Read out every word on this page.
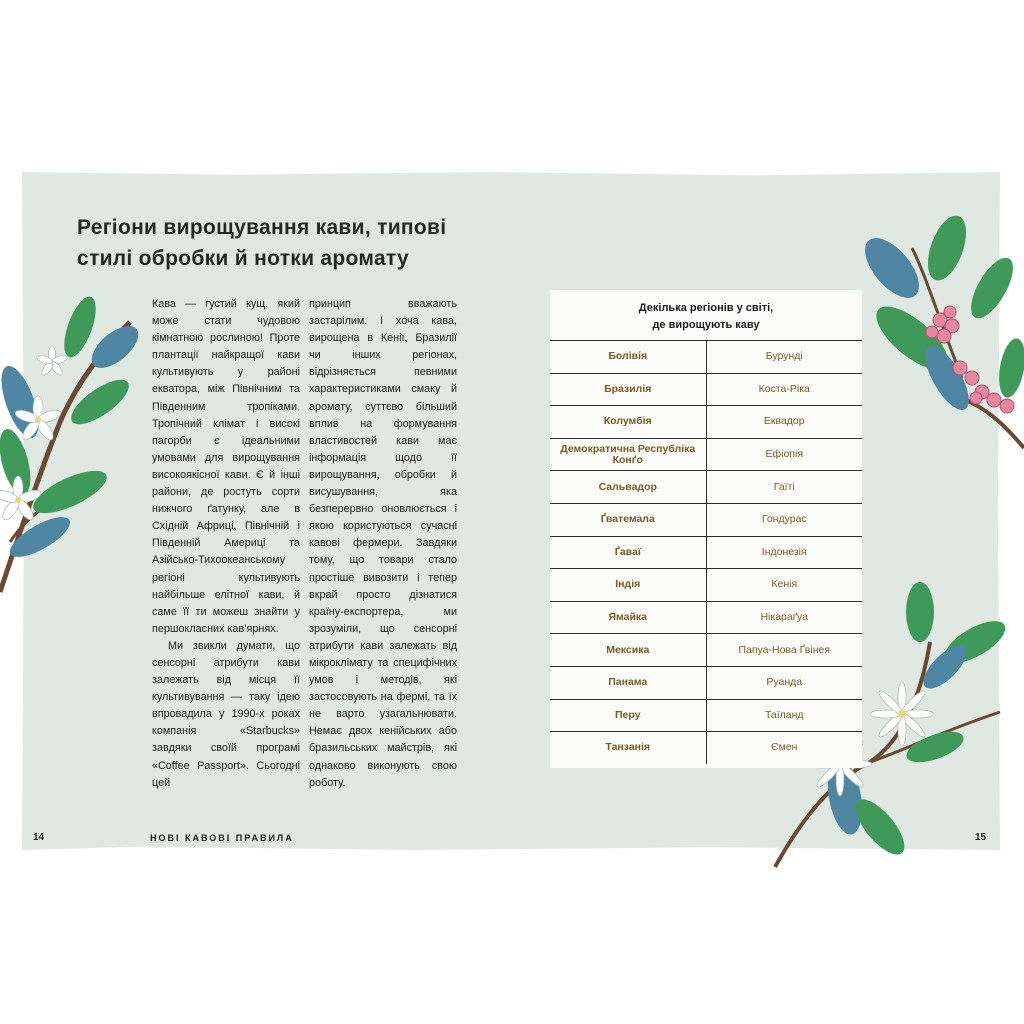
Регіони вирощування кави, типові
стилі обробки й нотки аромату

Кава — густий кущ, який може стати чудовою кімнатною рослиною! Проте плантації найкращої кави культивують у районі екватора, між Північним та Південним тропіками. Тропічний клімат і високі пагорби є ідеальними умовами для вирощування високоякісної кави. Є й інші райони, де ростуть сорти нижчого ґатунку, але в Східній Африці, Північній і Південній Америці та Азійсько-Тихоокеанському регіоні культивують найбільше елітної кави, й саме її ти можеш знайти у першокласних кав’ярнях.

Ми звикли думати, що сенсорні атрибути кави залежать від місця її культивування — таку ідею впровадила у 1990-х роках компанія «Starbucks» завдяки своїй програмі «Coffee Passport». Сьогодні цей

принцип вважають застарілим. І хоча кава, вирощена в Кенії, Бразилії чи інших регіонах, відрізняється певними характеристиками смаку й аромату, суттєво більший вплив на формування властивостей кави має інформація щодо її вирощування, обробки й висушування, яка безперервно оновлюється і якою користуються сучасні кавові фермери. Завдяки тому, що товари стало простіше вивозити і тепер вкрай просто дізнатися країну-експортера, ми зрозуміли, що сенсорні атрибути кави залежать від мікроклімату та специфічних умов і методів, які застосовують на фермі, та їх не варто узагальнювати. Немає двох кенійських або бразильських майстрів, які однаково виконують свою роботу.

Декілька регіонів у світі,
де вирощують каву
Болівія	Бурунді
Бразилія	Коста-Ріка
Колумбія	Еквадор
Демократична Республіка Конґо	Ефіопія
Сальвадор	Гаїті
Ґватемала	Гондурас
Ґаваї	Індонезія
Індія	Кенія
Ямайка	Нікараґуа
Мексика	Папуа-Нова Ґвінея
Панама	Руанда
Перу	Таїланд
Танзанія	Ємен

14	НОВІ КАВОВІ ПРАВИЛА	15
